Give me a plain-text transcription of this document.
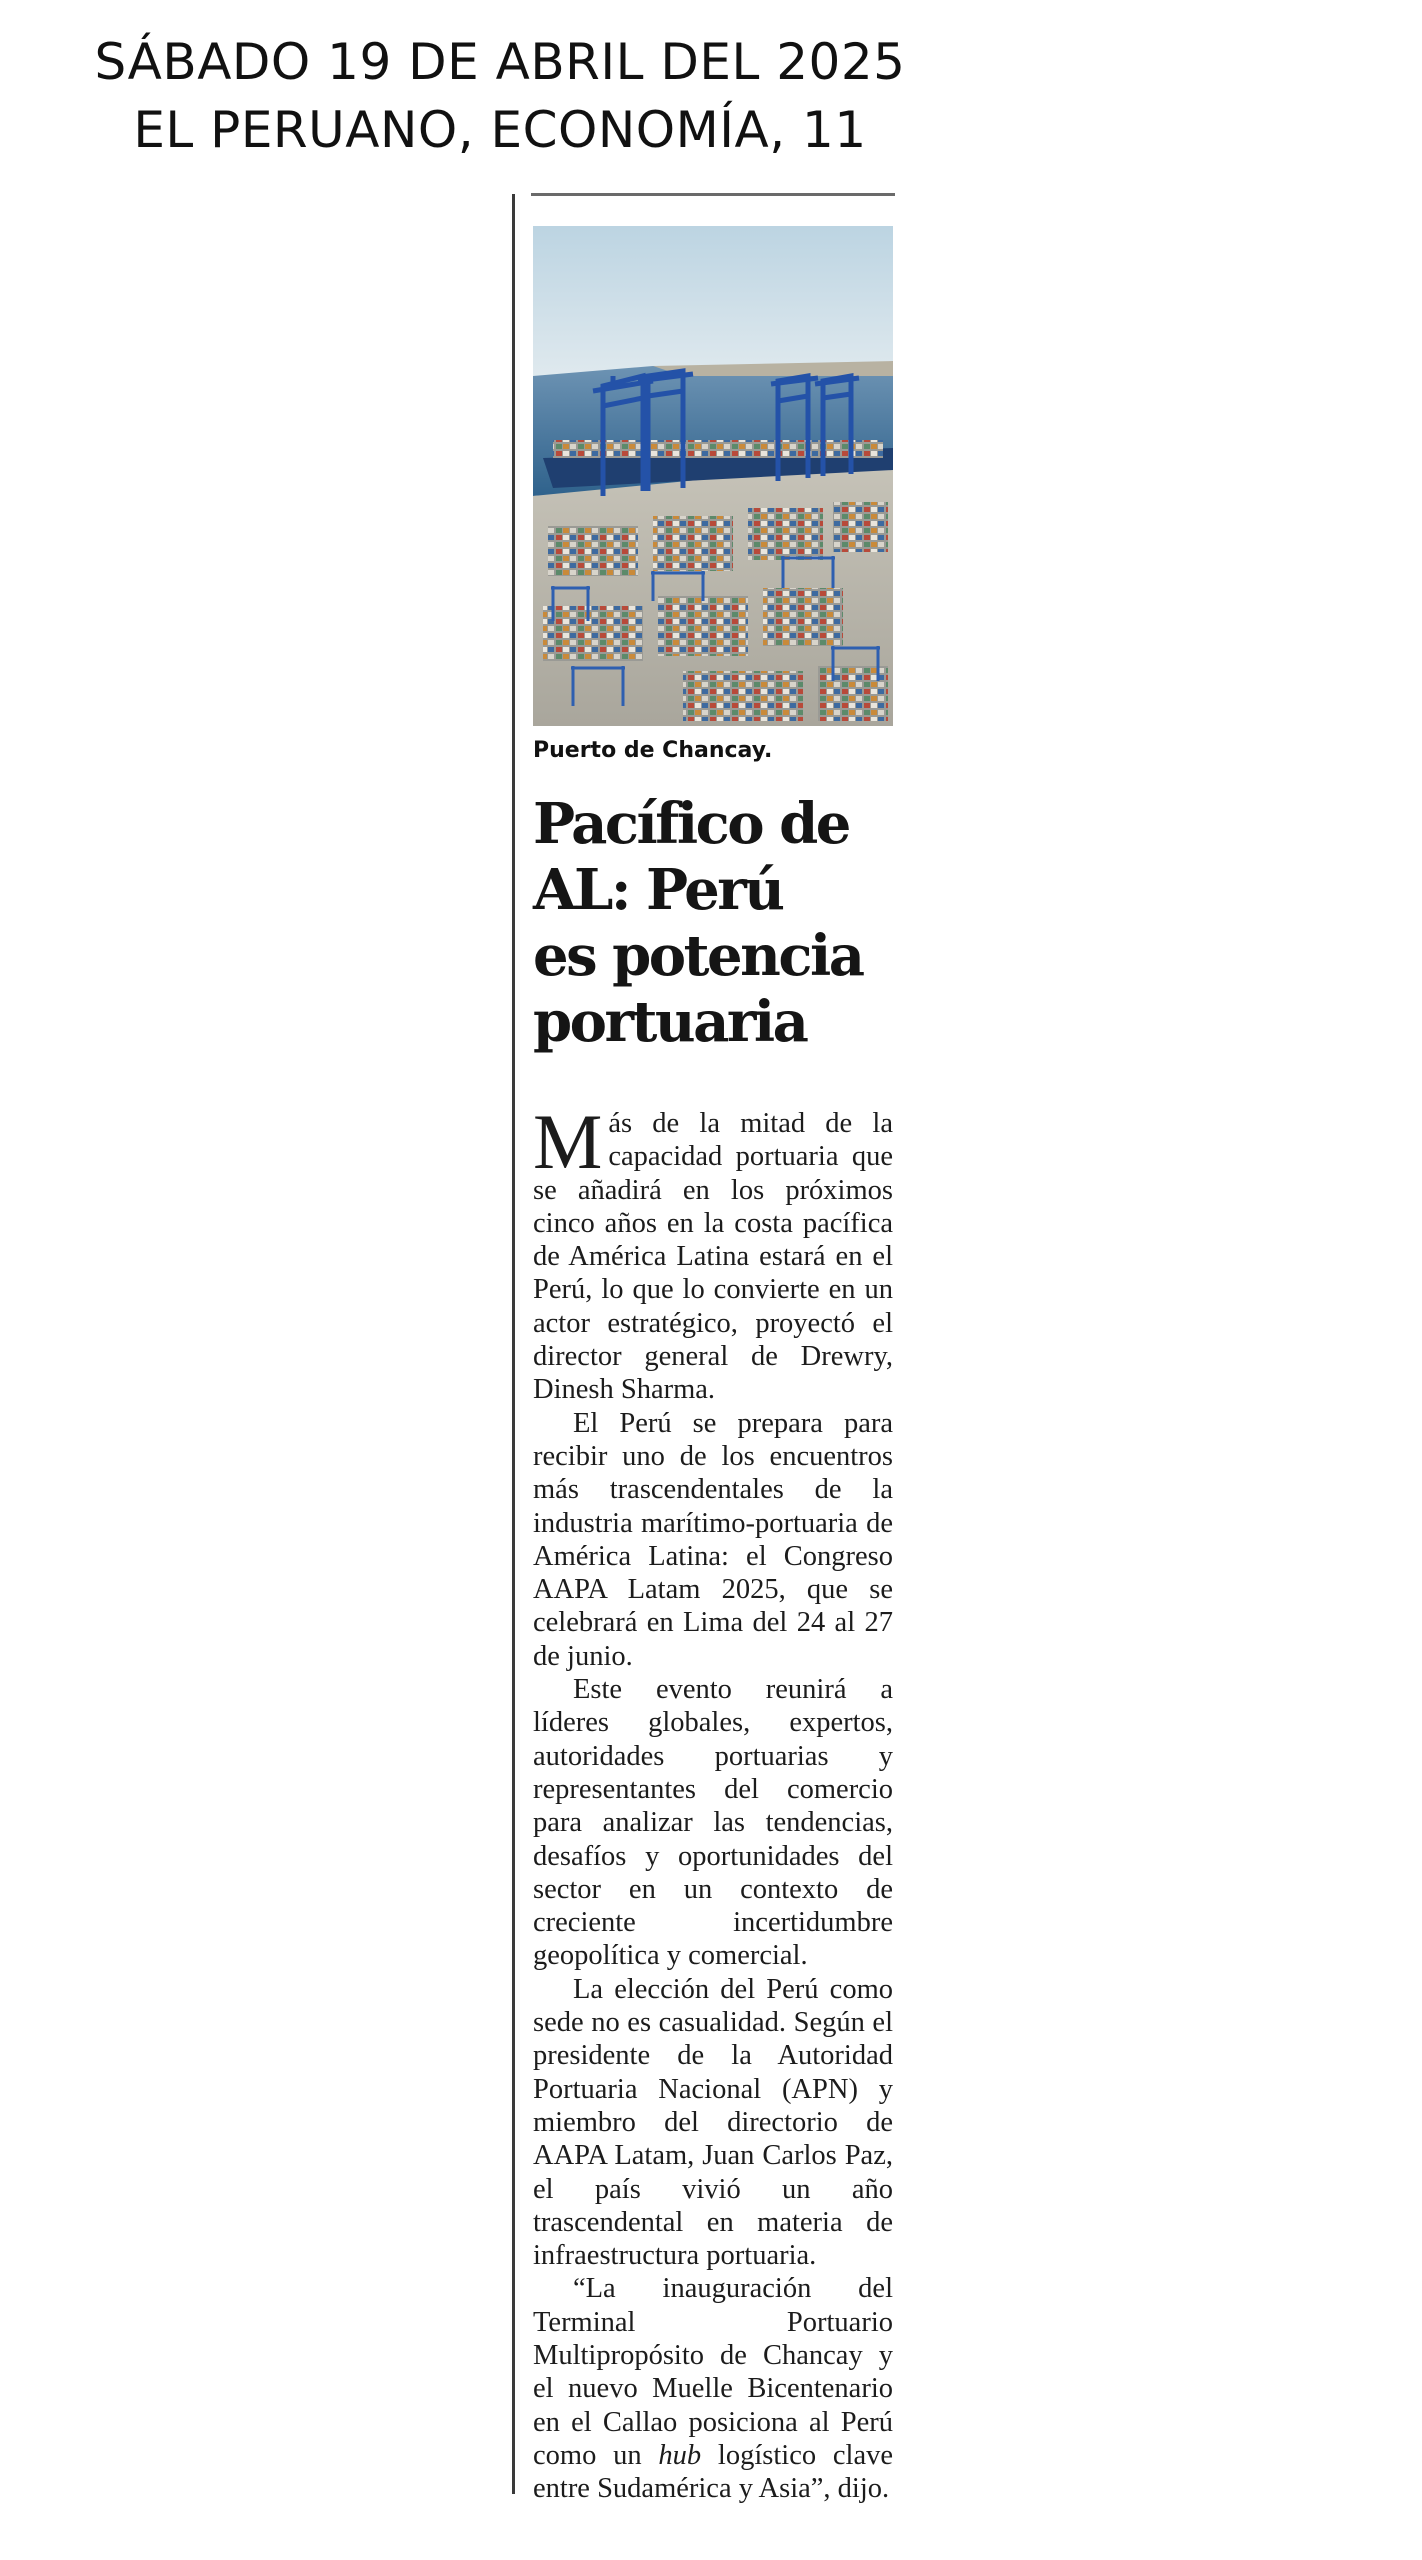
SÁBADO 19 DE ABRIL DEL 2025
EL PERUANO, ECONOMÍA, 11
Puerto de Chancay.
Pacífico de
AL: Perú
es potencia
portuaria

Más de la mitad de la capacidad portuaria que se añadirá en los próximos cinco años en la costa pacífica de América Latina estará en el Perú, lo que lo convierte en un actor estratégico, proyectó el director general de Drewry, Dinesh Sharma.

El Perú se prepara para recibir uno de los encuentros más trascendentales de la industria marítimo-portuaria de América Latina: el Congreso AAPA Latam 2025, que se celebrará en Lima del 24 al 27 de junio.

Este evento reunirá a líderes globales, expertos, autoridades portuarias y representantes del comercio para analizar las tendencias, desafíos y oportunidades del sector en un contexto de creciente incertidumbre geopolítica y comercial.

La elección del Perú como sede no es casualidad. Según el presidente de la Autoridad Portuaria Nacional (APN) y miembro del directorio de AAPA Latam, Juan Carlos Paz, el país vivió un año trascendental en materia de infraestructura portuaria.

“La inauguración del Terminal Portuario Multipropósito de Chancay y el nuevo Muelle Bicentenario en el Callao posiciona al Perú como un hub logístico clave entre Sudamérica y Asia”, dijo.
